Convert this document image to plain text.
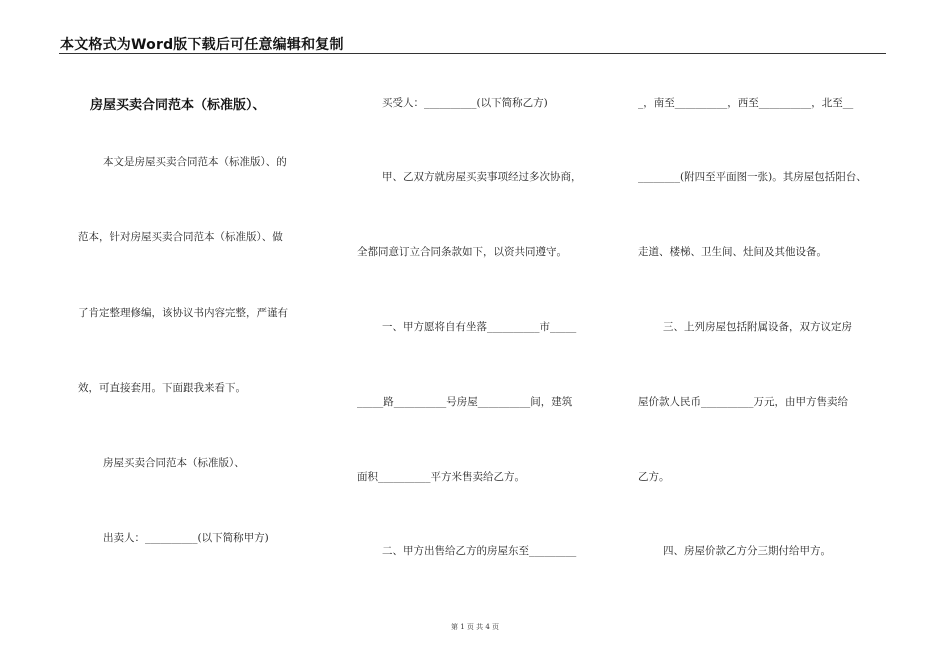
本文格式为Word版下载后可任意编辑和复制
房屋买卖合同范本（标准版）、
本文是房屋买卖合同范本（标准版）、的
范本，针对房屋买卖合同范本（标准版）、做
了肯定整理修编，该协议书内容完整，严谨有
效，可直接套用。下面跟我来看下。
房屋买卖合同范本（标准版）、
出卖人：__________(以下简称甲方)
买受人：__________(以下简称乙方)
甲、乙双方就房屋买卖事项经过多次协商，
全都同意订立合同条款如下，以资共同遵守。
一、甲方愿将自有坐落__________市_____
_____路__________号房屋__________间，建筑
面积__________平方米售卖给乙方。
二、甲方出售给乙方的房屋东至_________
_，南至__________，西至__________，北至__
________(附四至平面图一张)。其房屋包括阳台、
走道、楼梯、卫生间、灶间及其他设备。
三、上列房屋包括附属设备，双方议定房
屋价款人民币__________万元，由甲方售卖给
乙方。
四、房屋价款乙方分三期付给甲方。
第 1 页 共 4 页
